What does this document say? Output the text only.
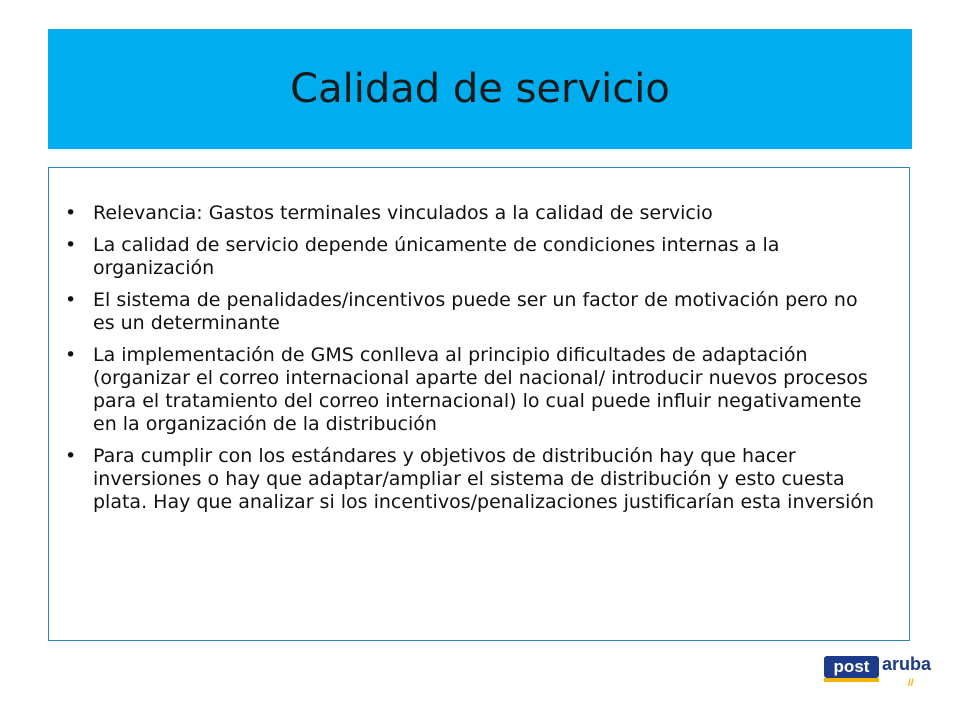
Calidad de servicio
• Relevancia: Gastos terminales vinculados a la calidad de servicio
• La calidad de servicio depende únicamente de condiciones internas a la organización
• El sistema de penalidades/incentivos puede ser un factor de motivación pero no es un determinante
• La implementación de GMS conlleva al principio dificultades de adaptación (organizar el correo internacional aparte del nacional/ introducir nuevos procesos para el tratamiento del correo internacional) lo cual puede influir negativamente en la organización de la distribución
• Para cumplir con los estándares y objetivos de distribución hay que hacer inversiones o hay que adaptar/ampliar el sistema de distribución y esto cuesta plata. Hay que analizar si los incentivos/penalizaciones justificarían esta inversión
post aruba
//
